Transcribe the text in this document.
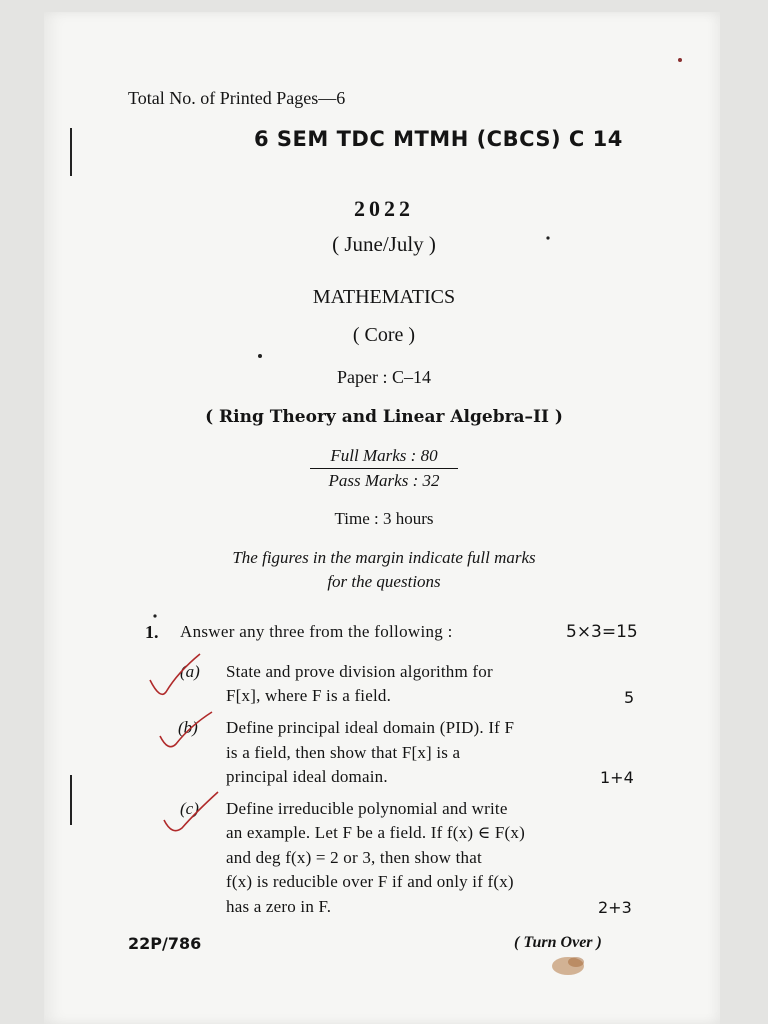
Total No. of Printed Pages—6
6 SEM TDC MTMH (CBCS) C 14
2022
( June/July )
MATHEMATICS
( Core )
Paper : C–14
( Ring Theory and Linear Algebra–II )
Full Marks : 80
Pass Marks : 32
Time : 3 hours
The figures in the margin indicate full marks
for the questions
1. Answer any three from the following :	5×3=15
(a) State and prove division algorithm for
F[x], where F is a field.	5
(b) Define principal ideal domain (PID). If F
is a field, then show that F[x] is a
principal ideal domain.	1+4
(c) Define irreducible polynomial and write
an example. Let F be a field. If f(x) ∈ F(x)
and deg f(x) = 2 or 3, then show that
f(x) is reducible over F if and only if f(x)
has a zero in F.	2+3
22P/786	( Turn Over )
